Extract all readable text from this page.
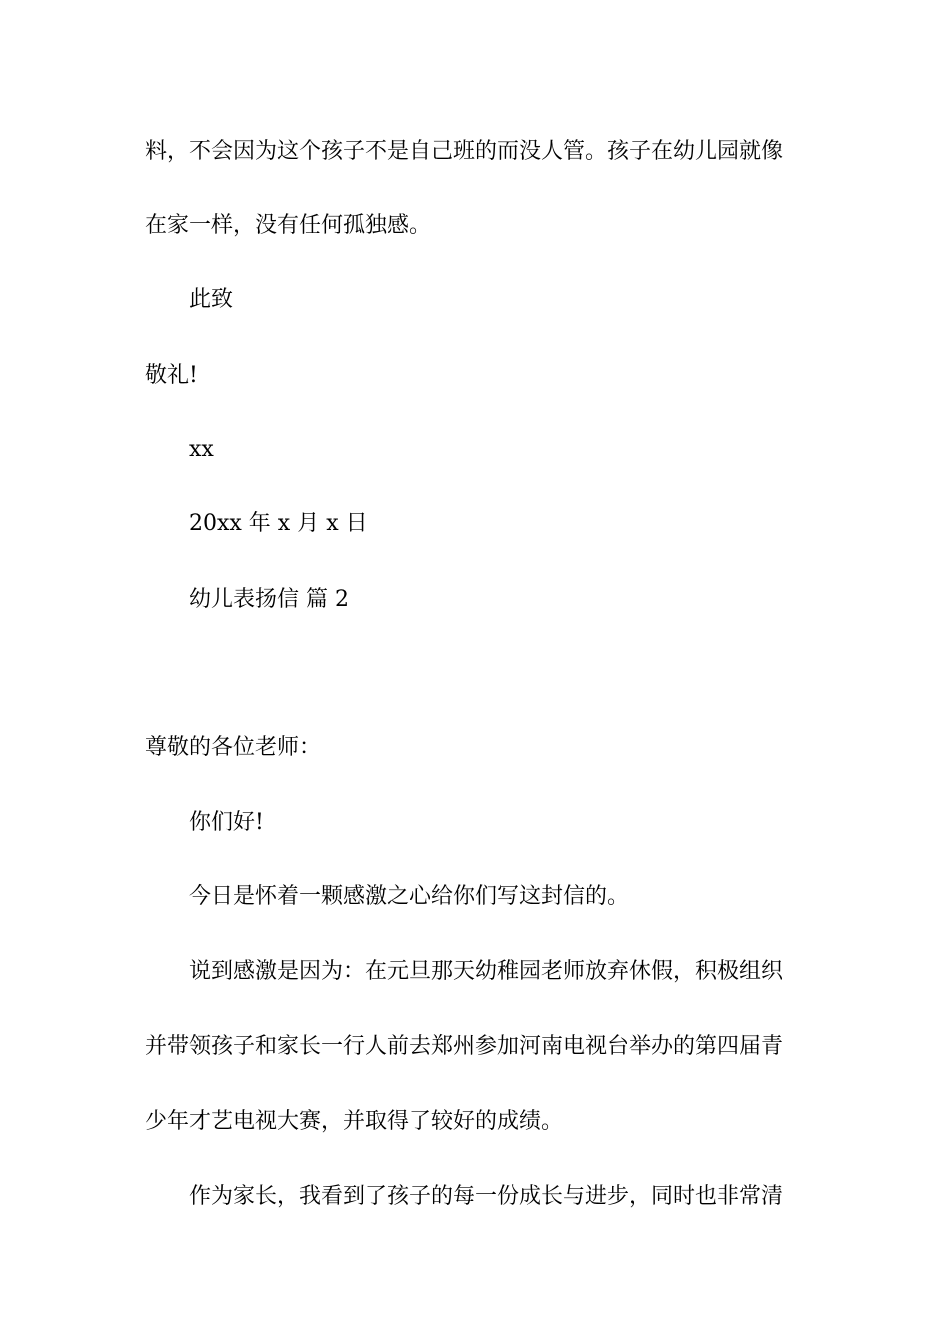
料，不会因为这个孩子不是自己班的而没人管。孩子在幼儿园就像
在家一样，没有任何孤独感。
此致
敬礼!
xx
20xx 年 x 月 x 日
幼儿表扬信 篇 2
尊敬的各位老师：
你们好!
今日是怀着一颗感激之心给你们写这封信的。
说到感激是因为：在元旦那天幼稚园老师放弃休假，积极组织
并带领孩子和家长一行人前去郑州参加河南电视台举办的第四届青
少年才艺电视大赛，并取得了较好的成绩。
作为家长，我看到了孩子的每一份成长与进步，同时也非常清
